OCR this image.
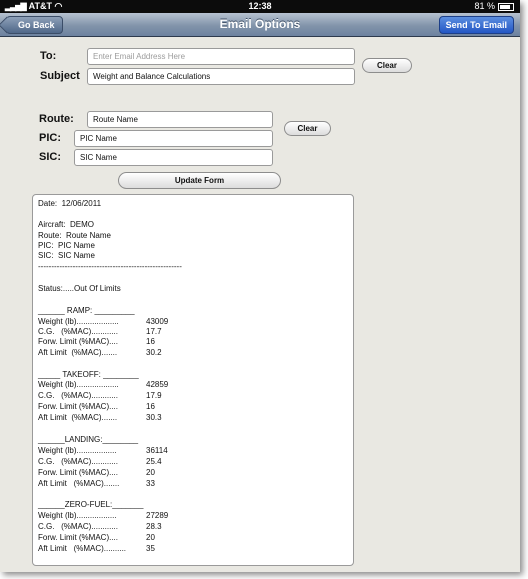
▂▃▅▇ AT&T ◠	12:38	81 %
Email Options
Go Back	Send To Email
To:	Enter Email Address Here
Subject	Weight and Balance Calculations
Clear
Route:	Route Name
PIC:	PIC Name
SIC:	SIC Name
Clear
Update Form
Date:  12/06/2011
Aircraft:  DEMO
Route:  Route Name
PIC:  PIC Name
SIC:  SIC Name
------------------------------------------------------
Status:.....Out Of Limits
______ RAMP: _________
Weight (lb)...................	43009
C.G.   (%MAC)............	17.7
Forw. Limit (%MAC)....	16
Aft Limit  (%MAC).......	30.2
_____ TAKEOFF: ________
Weight (lb)...................	42859
C.G.   (%MAC)............	17.9
Forw. Limit (%MAC)....	16
Aft Limit  (%MAC).......	30.3
______LANDING:________
Weight (lb)..................	36114
C.G.   (%MAC)............	25.4
Forw. Limit (%MAC)....	20
Aft Limit   (%MAC).......	33
______ZERO-FUEL:_______
Weight (lb)..................	27289
C.G.   (%MAC)............	28.3
Forw. Limit (%MAC)....	20
Aft Limit   (%MAC).......... 35
